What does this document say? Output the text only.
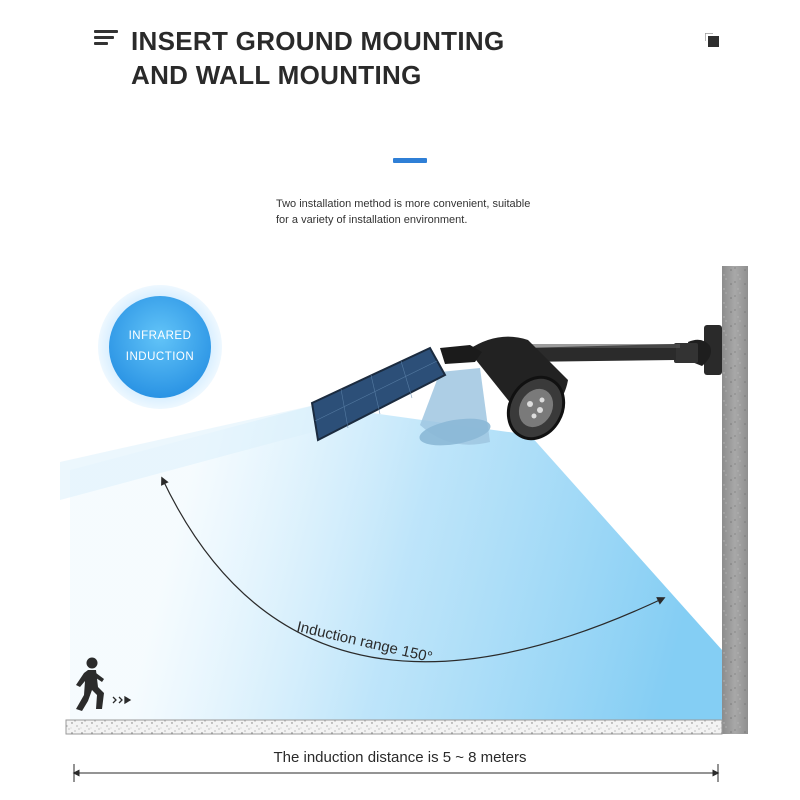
INSERT GROUND MOUNTING
AND WALL MOUNTING
Two installation method is more convenient, suitable
for a variety of installation environment.
Induction range 150°
INFRARED
INDUCTION
The induction distance is 5 ~ 8 meters
